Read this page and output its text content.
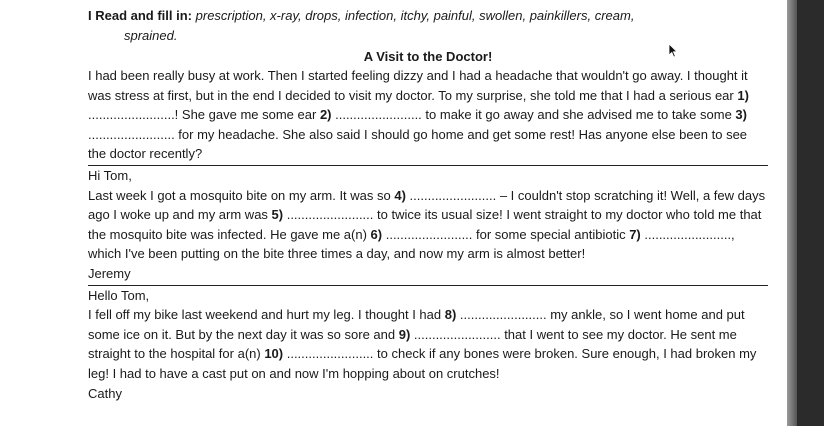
I Read and fill in: prescription, x-ray, drops, infection, itchy, painful, swollen, painkillers, cream,
sprained.

A Visit to the Doctor!

I had been really busy at work. Then I started feeling dizzy and I had a headache that wouldn't go away. I thought it was stress at first, but in the end I decided to visit my doctor. To my surprise, she told me that I had a serious ear 1) ........................! She gave me some ear 2) ........................ to make it go away and she advised me to take some 3) ........................ for my headache. She also said I should go home and get some rest! Has anyone else been to see the doctor recently?

Hi Tom,

Last week I got a mosquito bite on my arm. It was so 4) ........................ – I couldn't stop scratching it! Well, a few days ago I woke up and my arm was 5) ........................ to twice its usual size! I went straight to my doctor who told me that the mosquito bite was infected. He gave me a(n) 6) ........................ for some special antibiotic 7) ........................, which I've been putting on the bite three times a day, and now my arm is almost better!

Jeremy

Hello Tom,

I fell off my bike last weekend and hurt my leg. I thought I had 8) ........................ my ankle, so I went home and put some ice on it. But by the next day it was so sore and 9) ........................ that I went to see my doctor. He sent me straight to the hospital for a(n) 10) ........................ to check if any bones were broken. Sure enough, I had broken my leg! I had to have a cast put on and now I'm hopping about on crutches!

Cathy
